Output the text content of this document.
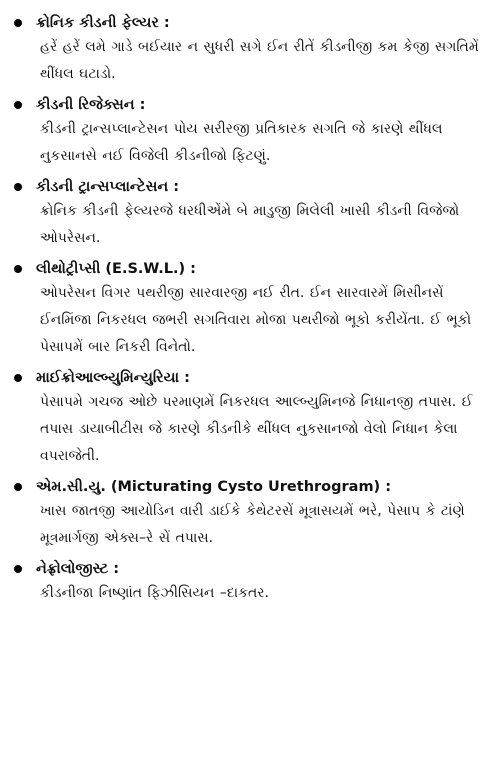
ક્રોનિક કીડની ફેલ્યર :
હરેં હરેં લમે ગાડે બઈયાર ન સુધરી સગે ઈન રીતેં કીડનીજી કમ કેજી સગતિમેં થીંધલ ઘટાડો.
કીડની રિજેક્સન :
કીડની ટ્રાન્સપ્લાન્ટેસન પોય સરીરજી પ્રતિકારક સગતિ જે કારણે થીંધલ નુકસાનસે નઈ વિજેલી કીડનીજો ફિટણું.
કીડની ટ્રાન્સપ્લાન્ટેસન :
ક્રોનિક કીડની ફેલ્યરજે ધરધીએંમે બે માડુજી મિલેલી ખાસી કીડની વિજેજો ઓપરેસન.
લીથોટ્રીપ્સી (E.S.W.L.) :
ઓપરેસન વિગર પથરીજી સારવારજી નઈ રીત. ઈન સારવારમેં મિસીનસેં ઈનમિંજા નિકરધલ જભરી સગતિવારા મોજા પથરીજો ભૂકો કરીયેંતા. ઈ ભૂકો પેસાપમેં બાર નિકરી વિનેતો.
માઈક્રોઆલ્બ્યુમિન્યુરિયા :
પેસાપમે ગચજ ઓછે પરમાણમેં નિકરધલ આલ્બ્યુમિનજે નિધાનજી તપાસ. ઈ તપાસ ડાયાબીટીસ જે કારણે કીડનીકે થીંધલ નુકસાનજો વેલો નિધાન કેલા વપરાજેતી.
એમ.સી.યુ. (Micturating Cysto Urethrogram) :
ખાસ જાતજી આયોડિન વારી ડાઈકે કેથેટરસેં મૂત્રાસયમેં ભરે, પેસાપ કે ટાંણે મૂત્રમાર્ગજી એક્સ–રે સેં તપાસ.
નેફ્રોલોજીસ્ટ :
કીડનીજા નિષ્ણાંત ફિઝીસિયન –દાકતર.
